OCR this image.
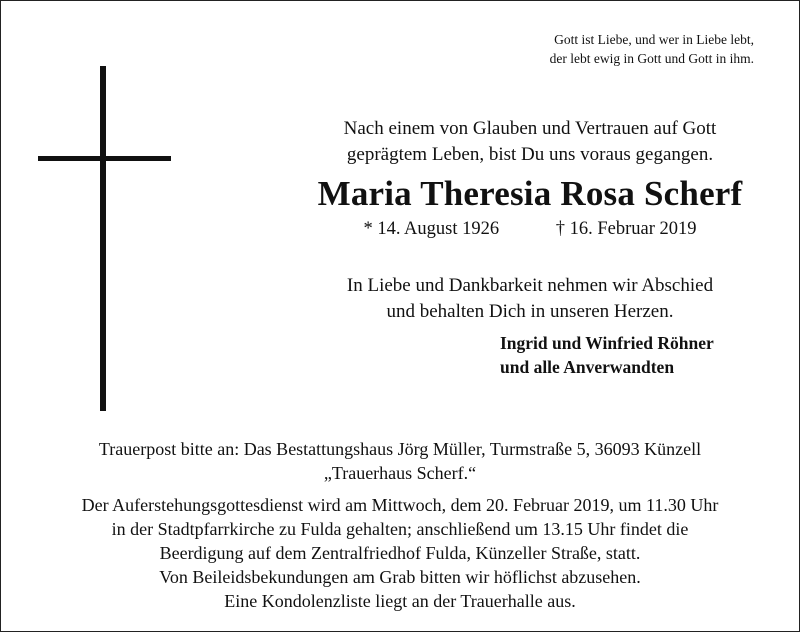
Gott ist Liebe, und wer in Liebe lebt,
der lebt ewig in Gott und Gott in ihm.
Nach einem von Glauben und Vertrauen auf Gott
geprägtem Leben, bist Du uns voraus gegangen.
Maria Theresia Rosa Scherf
* 14. August 1926	† 16. Februar 2019
In Liebe und Dankbarkeit nehmen wir Abschied
und behalten Dich in unseren Herzen.
Ingrid und Winfried Röhner
und alle Anverwandten
Trauerpost bitte an: Das Bestattungshaus Jörg Müller, Turmstraße 5, 36093 Künzell
„Trauerhaus Scherf.“
Der Auferstehungsgottesdienst wird am Mittwoch, dem 20. Februar 2019, um 11.30 Uhr
in der Stadtpfarrkirche zu Fulda gehalten; anschließend um 13.15 Uhr findet die
Beerdigung auf dem Zentralfriedhof Fulda, Künzeller Straße, statt.
Von Beileidsbekundungen am Grab bitten wir höflichst abzusehen.
Eine Kondolenzliste liegt an der Trauerhalle aus.
